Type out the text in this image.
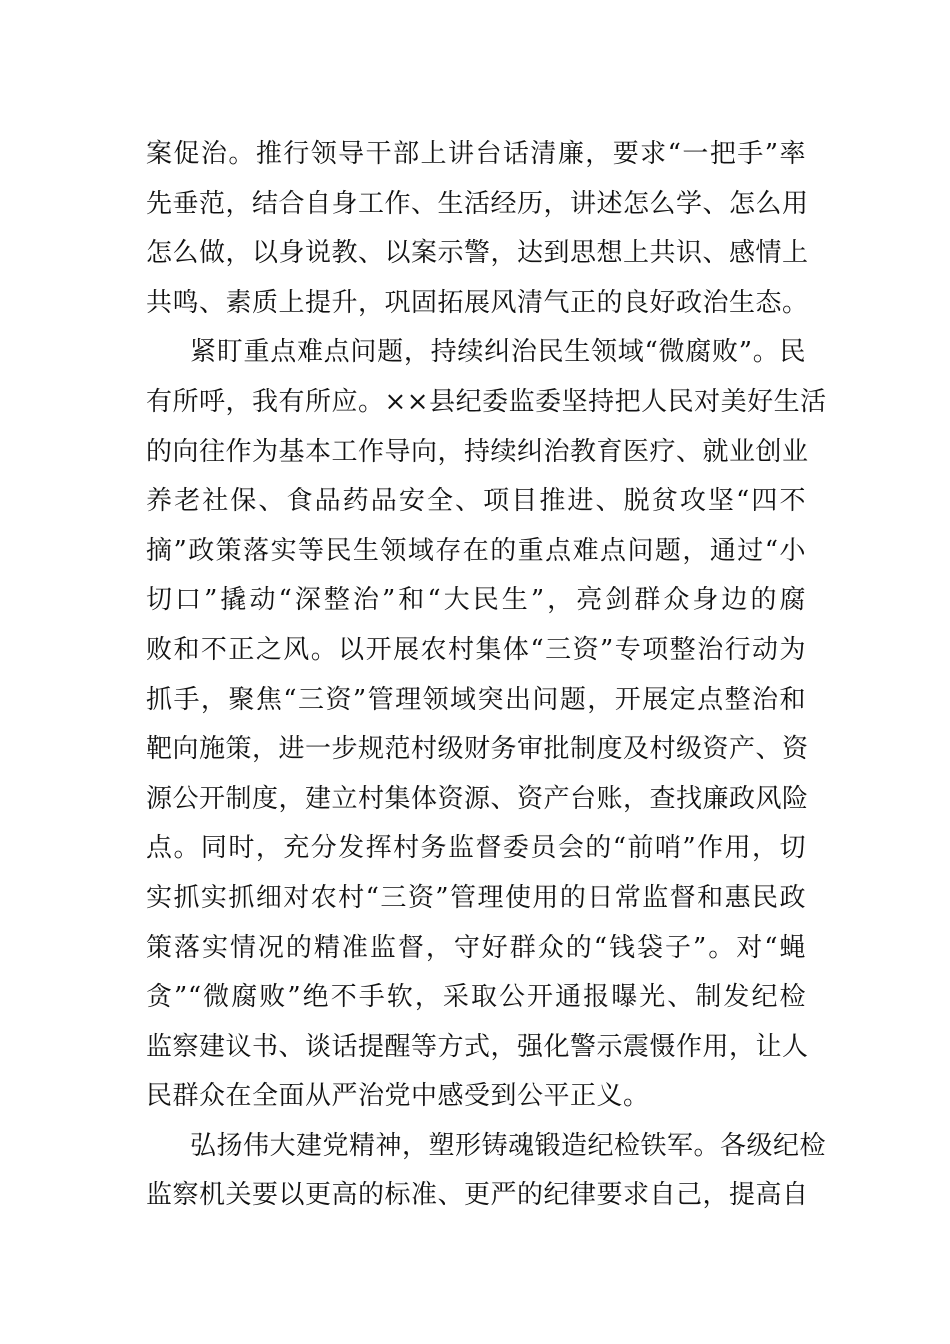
案促治。推行领导干部上讲台话清廉，要求“一把手”率
先垂范，结合自身工作、生活经历，讲述怎么学、怎么用
怎么做，以身说教、以案示警，达到思想上共识、感情上
共鸣、素质上提升，巩固拓展风清气正的良好政治生态。
紧盯重点难点问题，持续纠治民生领域“微腐败”。民
有所呼，我有所应。××县纪委监委坚持把人民对美好生活
的向往作为基本工作导向，持续纠治教育医疗、就业创业
养老社保、食品药品安全、项目推进、脱贫攻坚“四不
摘”政策落实等民生领域存在的重点难点问题，通过“小
切口”撬动“深整治”和“大民生”，亮剑群众身边的腐
败和不正之风。以开展农村集体“三资”专项整治行动为
抓手，聚焦“三资”管理领域突出问题，开展定点整治和
靶向施策，进一步规范村级财务审批制度及村级资产、资
源公开制度，建立村集体资源、资产台账，查找廉政风险
点。同时，充分发挥村务监督委员会的“前哨”作用，切
实抓实抓细对农村“三资”管理使用的日常监督和惠民政
策落实情况的精准监督，守好群众的“钱袋子”。对“蝇
贪”“微腐败”绝不手软，采取公开通报曝光、制发纪检
监察建议书、谈话提醒等方式，强化警示震慑作用，让人
民群众在全面从严治党中感受到公平正义。
弘扬伟大建党精神，塑形铸魂锻造纪检铁军。各级纪检
监察机关要以更高的标准、更严的纪律要求自己，提高自
